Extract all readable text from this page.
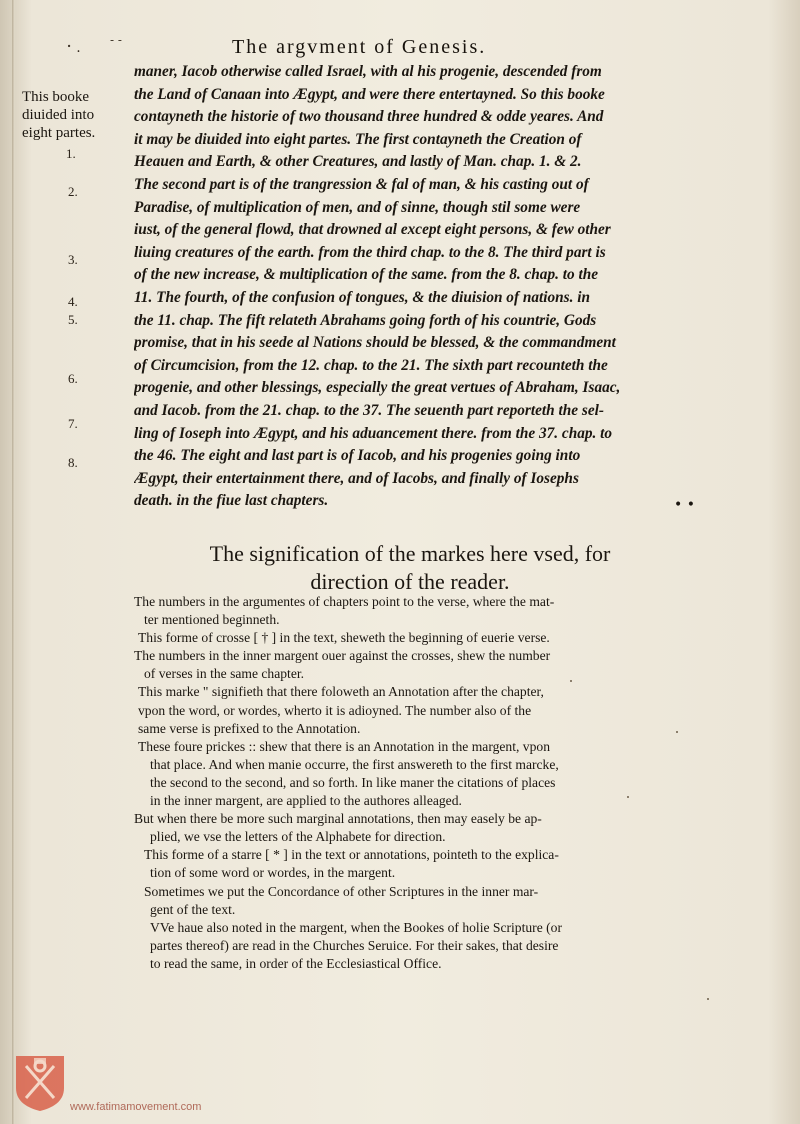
⠂. - -	The argvment of Genesis.
This booke
diuided into
eight partes.
1.
2.
3.
4.
5.
6.
7.
8.
maner, Iacob otherwise called Israel, with al his progenie, descended from
the Land of Canaan into Ægypt, and were there entertayned. So this booke
contayneth the historie of two thousand three hundred & odde yeares. And
it may be diuided into eight partes. The first contayneth the Creation of
Heauen and Earth, & other Creatures, and lastly of Man. chap. 1. & 2.
The second part is of the trangression & fal of man, & his casting out of
Paradise, of multiplication of men, and of sinne, though stil some were
iust, of the general flowd, that drowned al except eight persons, & few other
liuing creatures of the earth. from the third chap. to the 8. The third part is
of the new increase, & multiplication of the same. from the 8. chap. to the
11. The fourth, of the confusion of tongues, & the diuision of nations. in
the 11. chap. The fift relateth Abrahams going forth of his countrie, Gods
promise, that in his seede al Nations should be blessed, & the commandment
of Circumcision, from the 12. chap. to the 21. The sixth part recounteth the
progenie, and other blessings, especially the great vertues of Abraham, Isaac,
and Iacob. from the 21. chap. to the 37. The seuenth part reporteth the sel-
ling of Ioseph into Ægypt, and his aduancement there. from the 37. chap. to
the 46. The eight and last part is of Iacob, and his progenies going into
Ægypt, their entertainment there, and of Iacobs, and finally of Iosephs
death. in the fiue last chapters.	• •
The signification of the markes here vsed, for
direction of the reader.
The numbers in the argumentes of chapters point to the verse, where the mat-
ter mentioned beginneth.
This forme of crosse [ † ] in the text, sheweth the beginning of euerie verse.
The numbers in the inner margent ouer against the crosses, shew the number
of verses in the same chapter.
This marke " signifieth that there foloweth an Annotation after the chapter,
vpon the word, or wordes, wherto it is adioyned. The number also of the
same verse is prefixed to the Annotation.
These foure prickes :: shew that there is an Annotation in the margent, vpon
that place. And when manie occurre, the first answereth to the first marcke,
the second to the second, and so forth. In like maner the citations of places
in the inner margent, are applied to the authores alleaged.
But when there be more such marginal annotations, then may easely be ap-
plied, we vse the letters of the Alphabete for direction.
This forme of a starre [ * ] in the text or annotations, pointeth to the explica-
tion of some word or wordes, in the margent.
Sometimes we put the Concordance of other Scriptures in the inner mar-
gent of the text.
VVe haue also noted in the margent, when the Bookes of holie Scripture (or
partes thereof) are read in the Churches Seruice. For their sakes, that desire
to read the same, in order of the Ecclesiastical Office.
www.fatimamovement.com
